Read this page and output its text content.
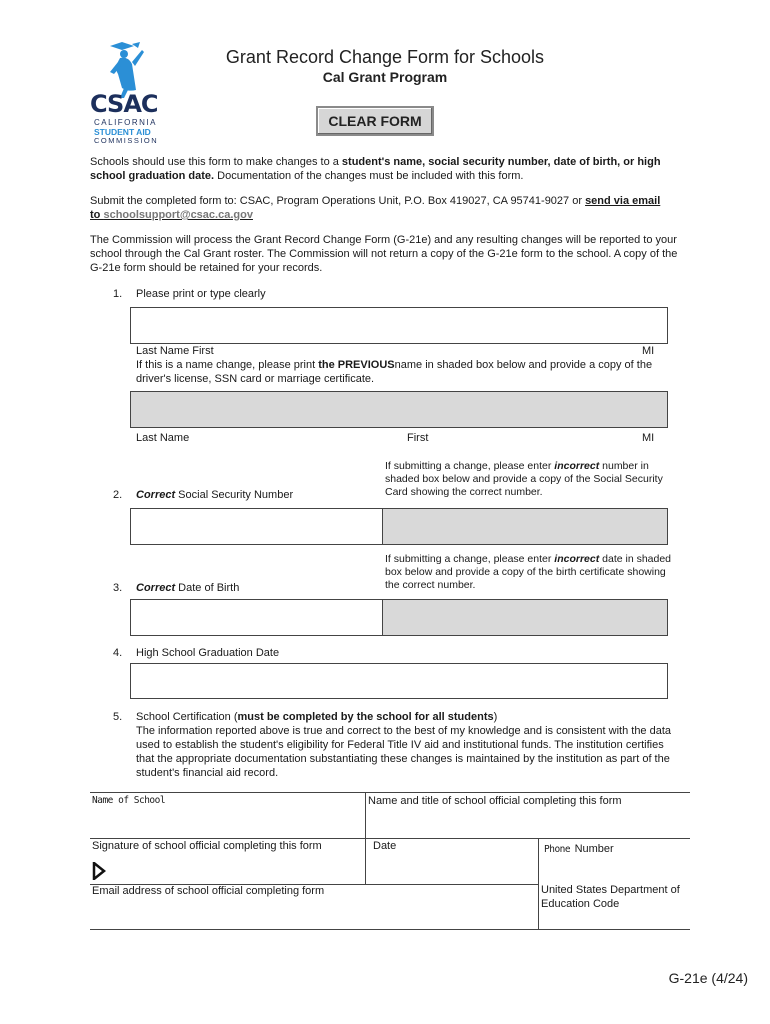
CSAC
CALIFORNIA
STUDENT AID
COMMISSION
Grant Record Change Form for Schools
Cal Grant Program
CLEAR FORM
Schools should use this form to make changes to a student's name, social security number, date of birth, or high school graduation date. Documentation of the changes must be included with this form.
Submit the completed form to: CSAC, Program Operations Unit, P.O. Box 419027, CA 95741-9027 or send via email
to schoolsupport@csac.ca.gov
The Commission will process the Grant Record Change Form (G-21e) and any resulting changes will be reported to your school through the Cal Grant roster. The Commission will not return a copy of the G-21e form to the school. A copy of the G-21e form should be retained for your records.
1. Please print or type clearly
Last Name First	MI
If this is a name change, please print the PREVIOUSname in shaded box below and provide a copy of the driver's license, SSN card or marriage certificate.
Last Name	First	MI
If submitting a change, please enter incorrect number in shaded box below and provide a copy of the Social Security Card showing the correct number.
2. Correct Social Security Number
If submitting a change, please enter incorrect date in shaded box below and provide a copy of the birth certificate showing the correct number.
3. Correct Date of Birth
4. High School Graduation Date
5. School Certification (must be completed by the school for all students)
The information reported above is true and correct to the best of my knowledge and is consistent with the data used to establish the student's eligibility for Federal Title IV aid and institutional funds. The institution certifies that the appropriate documentation substantiating these changes is maintained by the institution as part of the student's financial aid record.
Name of School	Name and title of school official completing this form
Signature of school official completing this form	Date	Phone Number
Email address of school official completing form	United States Department of Education Code
G-21e (4/24)
